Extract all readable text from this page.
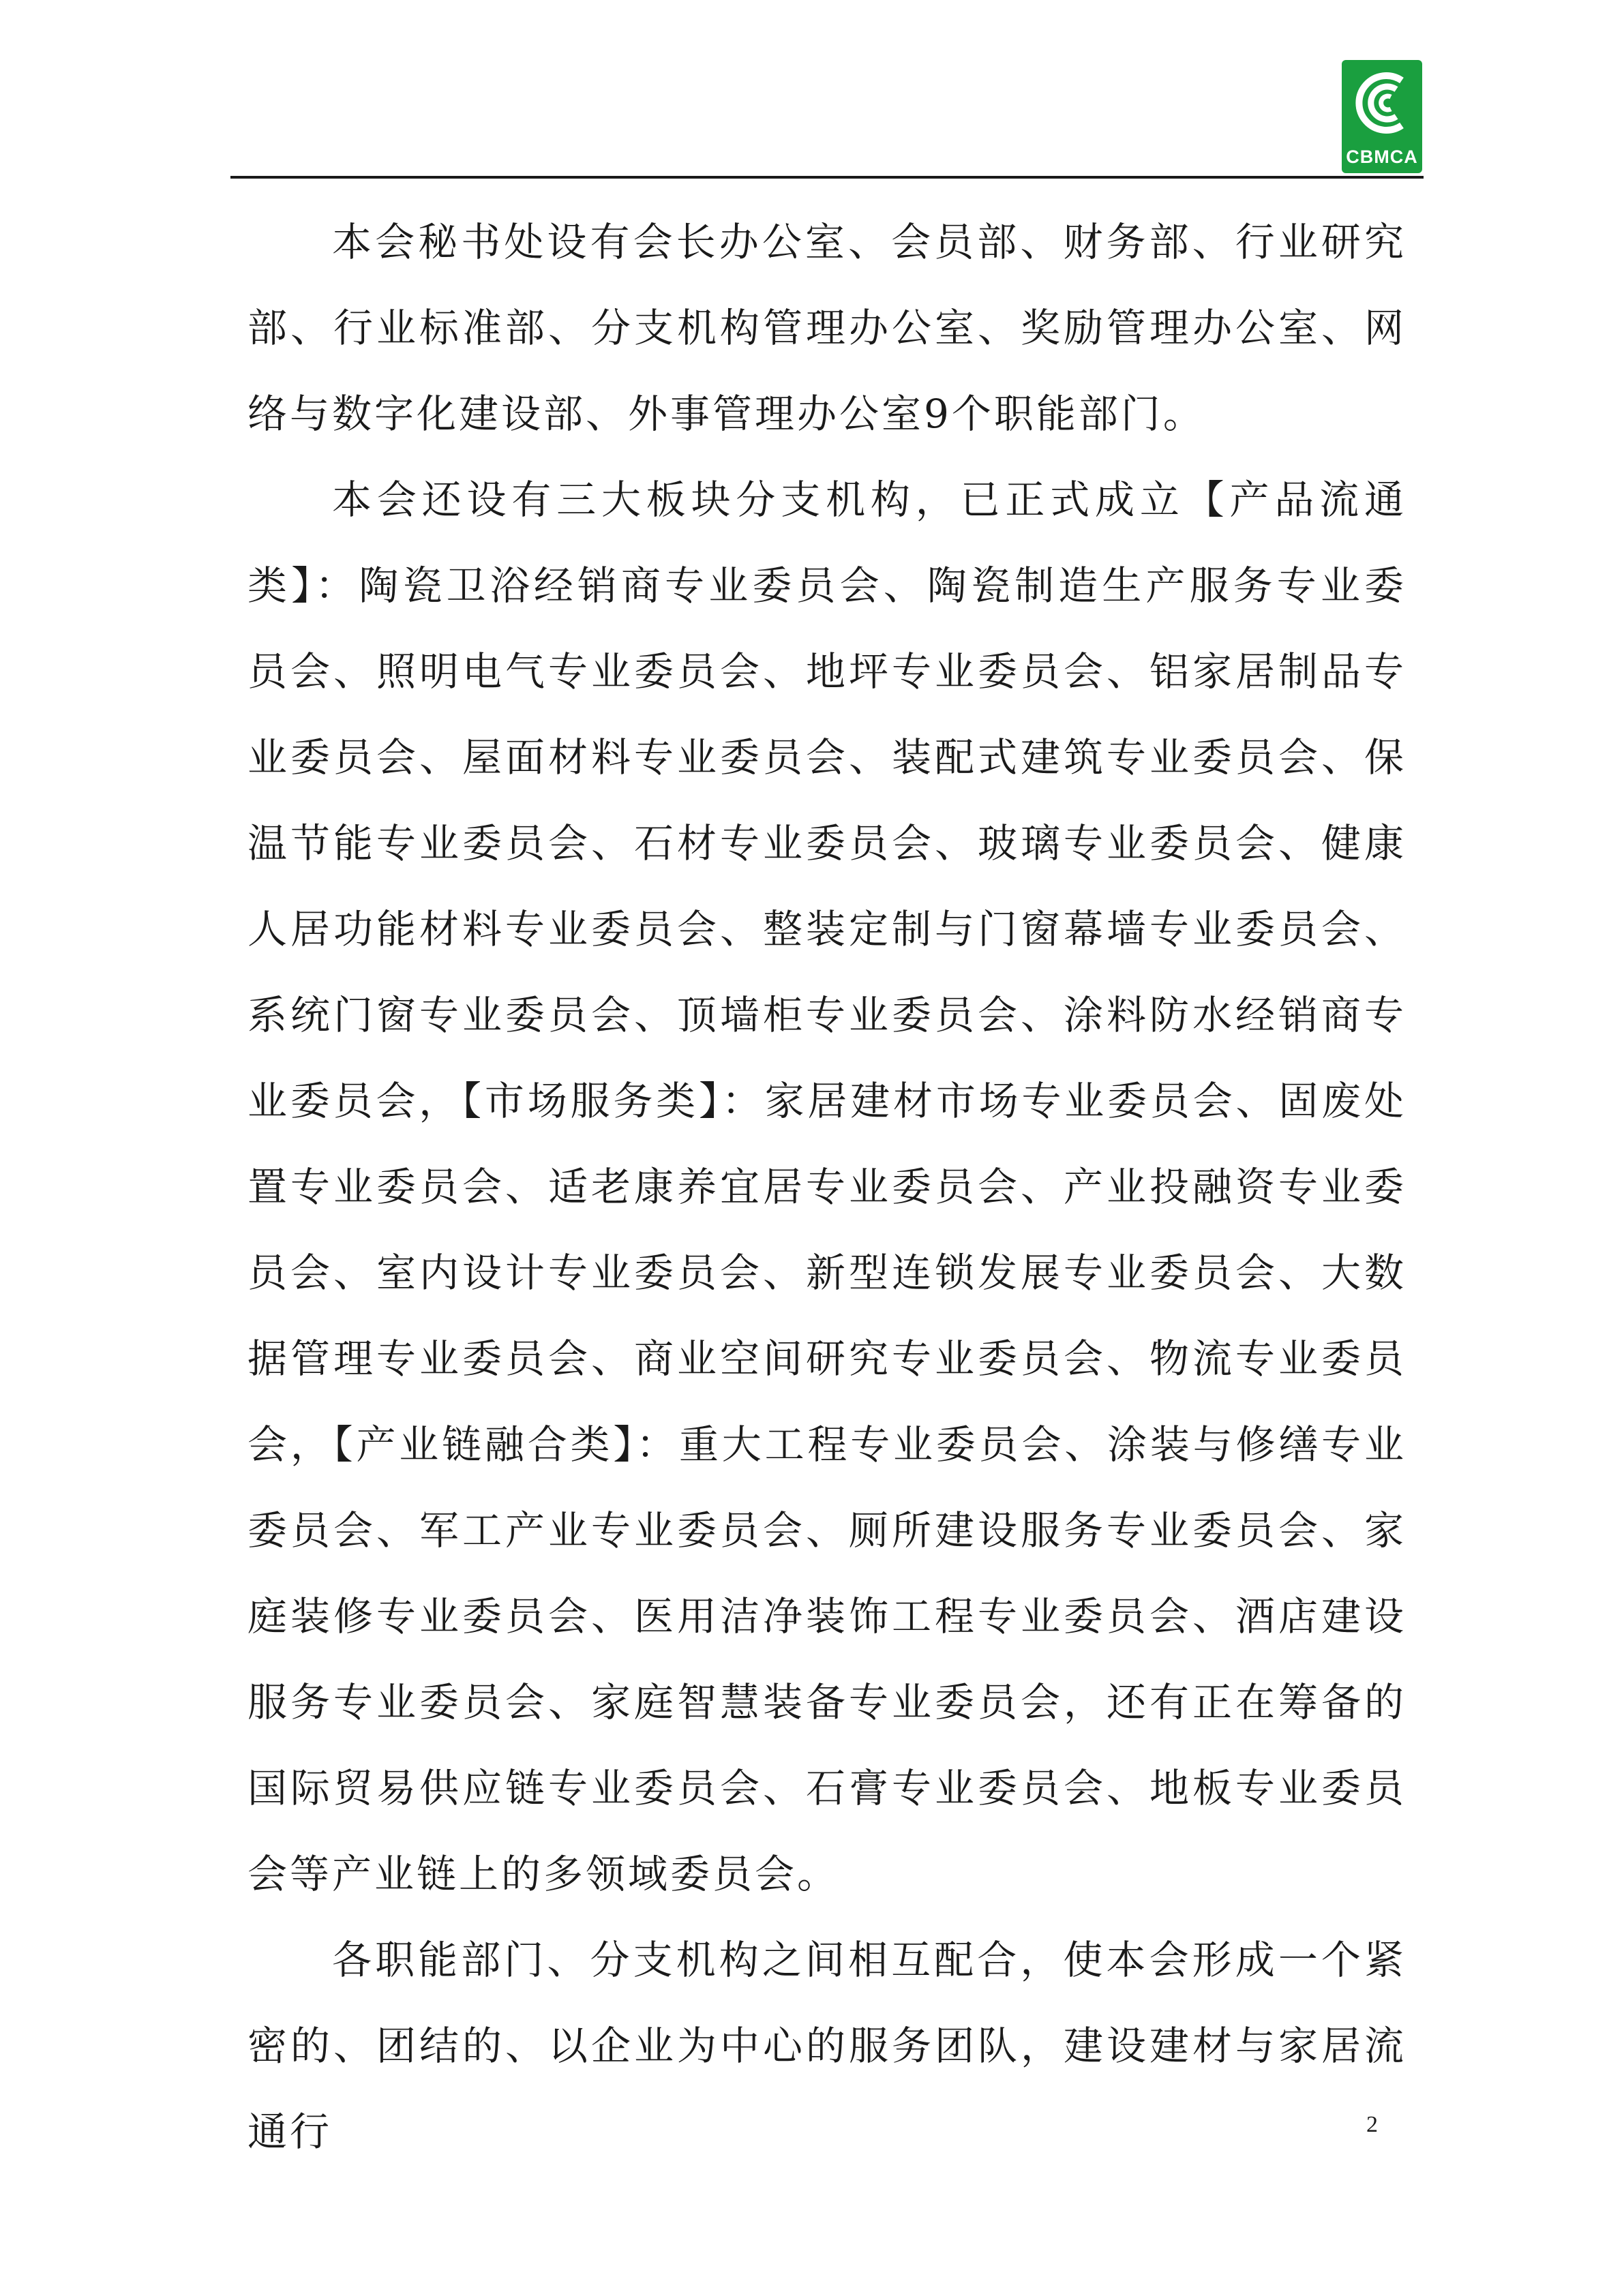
CBMCA

本会秘书处设有会长办公室、会员部、财务部、行业研究部、行业标准部、分支机构管理办公室、奖励管理办公室、网络与数字化建设部、外事管理办公室9个职能部门。

本会还设有三大板块分支机构，已正式成立【产品流通类】：陶瓷卫浴经销商专业委员会、陶瓷制造生产服务专业委员会、照明电气专业委员会、地坪专业委员会、铝家居制品专业委员会、屋面材料专业委员会、装配式建筑专业委员会、保温节能专业委员会、石材专业委员会、玻璃专业委员会、健康人居功能材料专业委员会、整装定制与门窗幕墙专业委员会、系统门窗专业委员会、顶墙柜专业委员会、涂料防水经销商专业委员会，【市场服务类】：家居建材市场专业委员会、固废处置专业委员会、适老康养宜居专业委员会、产业投融资专业委员会、室内设计专业委员会、新型连锁发展专业委员会、大数据管理专业委员会、商业空间研究专业委员会、物流专业委员会，【产业链融合类】：重大工程专业委员会、涂装与修缮专业委员会、军工产业专业委员会、厕所建设服务专业委员会、家庭装修专业委员会、医用洁净装饰工程专业委员会、酒店建设服务专业委员会、家庭智慧装备专业委员会，还有正在筹备的国际贸易供应链专业委员会、石膏专业委员会、地板专业委员会等产业链上的多领域委员会。

各职能部门、分支机构之间相互配合，使本会形成一个紧密的、团结的、以企业为中心的服务团队，建设建材与家居流通行	2
